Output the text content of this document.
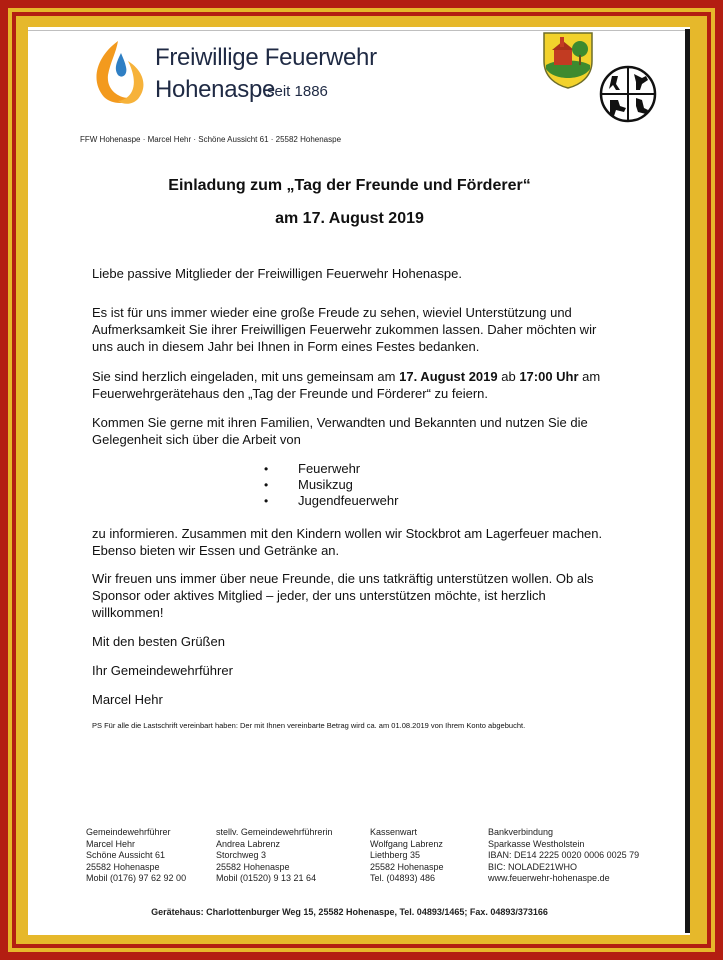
Freiwillige Feuerwehr
Hohenaspe
seit 1886
FFW Hohenaspe · Marcel Hehr · Schöne Aussicht 61 · 25582 Hohenaspe
Einladung zum „Tag der Freunde und Förderer“
am 17. August 2019

Liebe passive Mitglieder der Freiwilligen Feuerwehr Hohenaspe.

Es ist für uns immer wieder eine große Freude zu sehen, wieviel Unterstützung und Aufmerksamkeit Sie ihrer Freiwilligen Feuerwehr zukommen lassen. Daher möchten wir uns auch in diesem Jahr bei Ihnen in Form eines Festes bedanken.

Sie sind herzlich eingeladen, mit uns gemeinsam am 17. August 2019 ab 17:00 Uhr am Feuerwehrgerätehaus den „Tag der Freunde und Förderer“ zu feiern.

Kommen Sie gerne mit ihren Familien, Verwandten und Bekannten und nutzen Sie die Gelegenheit sich über die Arbeit von

•	Feuerwehr
•	Musikzug
•	Jugendfeuerwehr

zu informieren. Zusammen mit den Kindern wollen wir Stockbrot am Lagerfeuer machen. Ebenso bieten wir Essen und Getränke an.

Wir freuen uns immer über neue Freunde, die uns tatkräftig unterstützen wollen. Ob als Sponsor oder aktives Mitglied – jeder, der uns unterstützen möchte, ist herzlich willkommen!

Mit den besten Grüßen

Ihr Gemeindewehrführer

Marcel Hehr

PS Für alle die Lastschrift vereinbart haben: Der mit Ihnen vereinbarte Betrag wird ca. am 01.08.2019 von Ihrem Konto abgebucht.
Gemeindewehrführer
Marcel Hehr
Schöne Aussicht 61
25582 Hohenaspe
Mobil (0176) 97 62 92 00
stellv. Gemeindewehrführerin
Andrea Labrenz
Storchweg 3
25582 Hohenaspe
Mobil (01520) 9 13 21 64
Kassenwart
Wolfgang Labrenz
Liethberg 35
25582 Hohenaspe
Tel. (04893) 486
Bankverbindung
Sparkasse Westholstein
IBAN: DE14 2225 0020 0006 0025 79
BIC: NOLADE21WHO
www.feuerwehr-hohenaspe.de
Gerätehaus: Charlottenburger Weg 15, 25582 Hohenaspe, Tel. 04893/1465; Fax. 04893/373166
